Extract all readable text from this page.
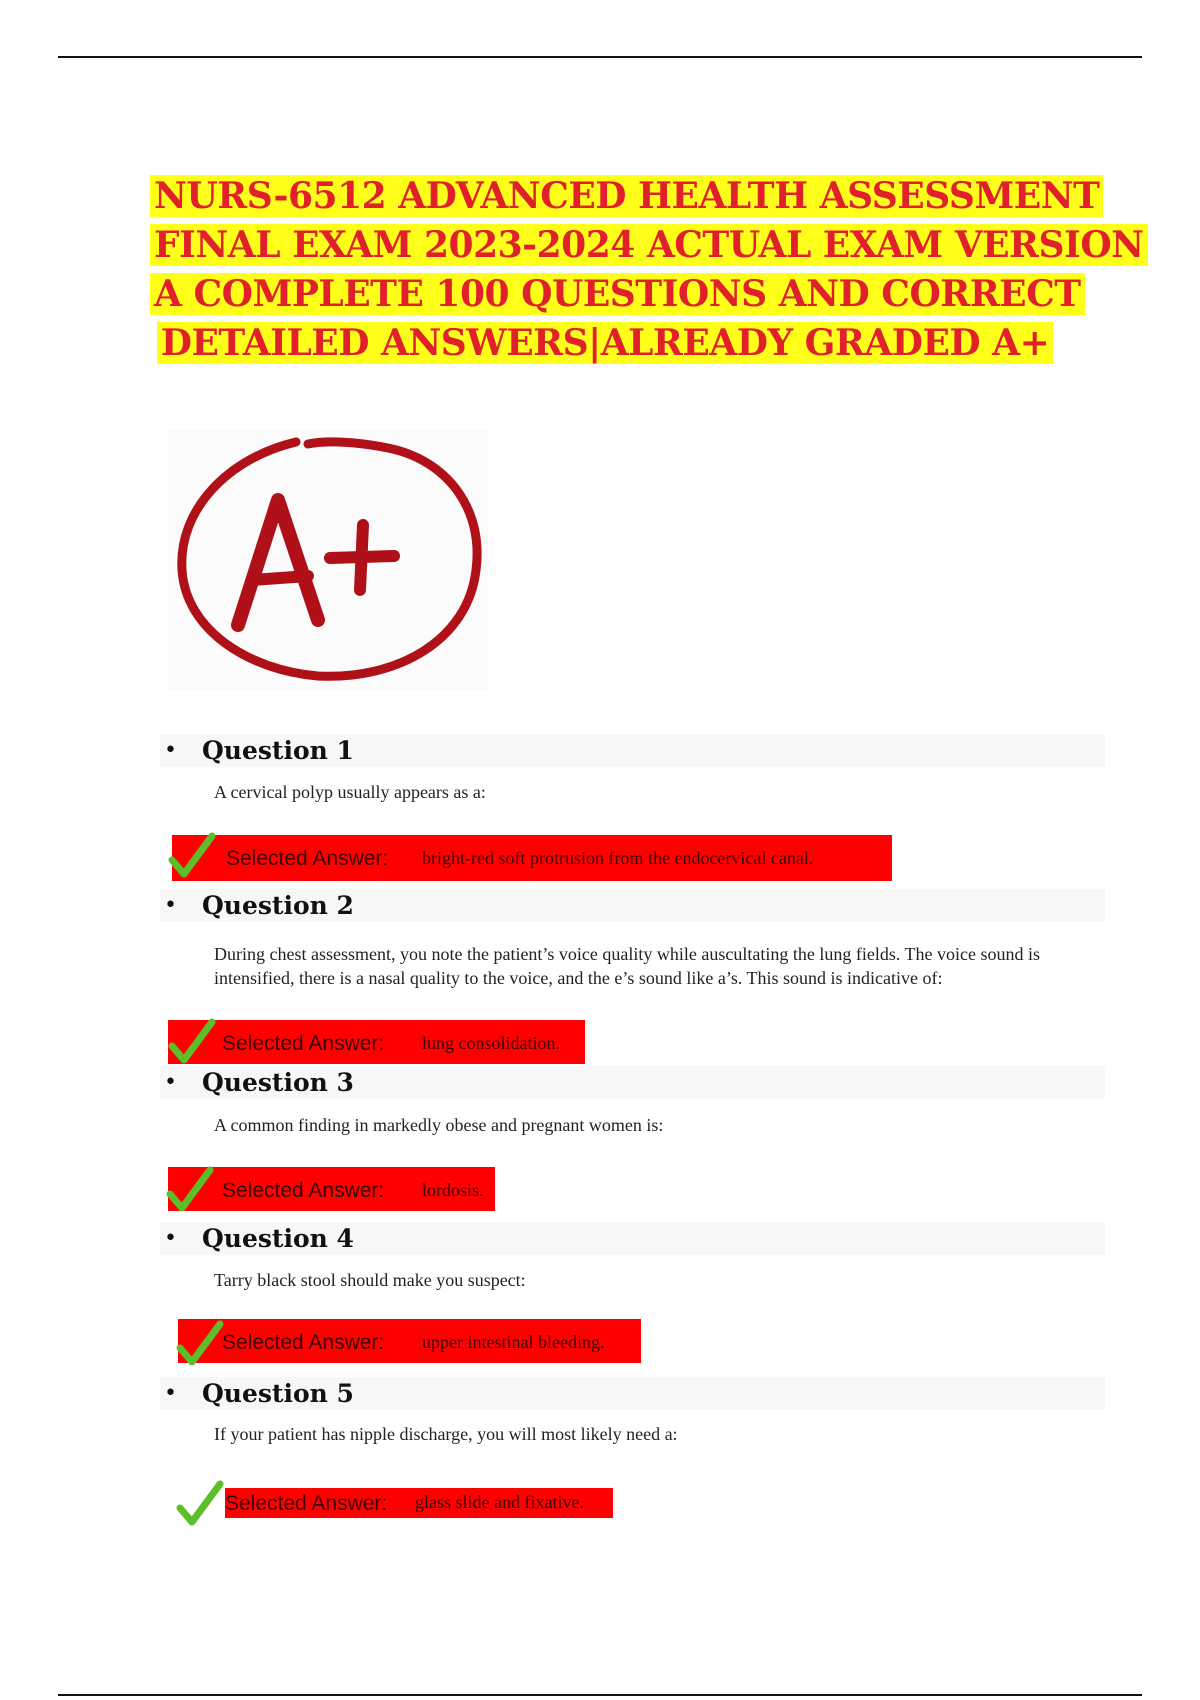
NURS-6512 ADVANCED HEALTH ASSESSMENT
FINAL EXAM 2023-2024 ACTUAL EXAM VERSION
A COMPLETE 100 QUESTIONS AND CORRECT
DETAILED ANSWERS|ALREADY GRADED A+
• Question 1
A cervical polyp usually appears as a:
Selected Answer: bright-red soft protrusion from the endocervical canal.
• Question 2
During chest assessment, you note the patient’s voice quality while auscultating the lung fields. The voice sound is intensified, there is a nasal quality to the voice, and the e’s sound like a’s. This sound is indicative of:
Selected Answer: lung consolidation.
• Question 3
A common finding in markedly obese and pregnant women is:
Selected Answer: lordosis.
• Question 4
Tarry black stool should make you suspect:
Selected Answer: upper intestinal bleeding.
• Question 5
If your patient has nipple discharge, you will most likely need a:
Selected Answer: glass slide and fixative.
